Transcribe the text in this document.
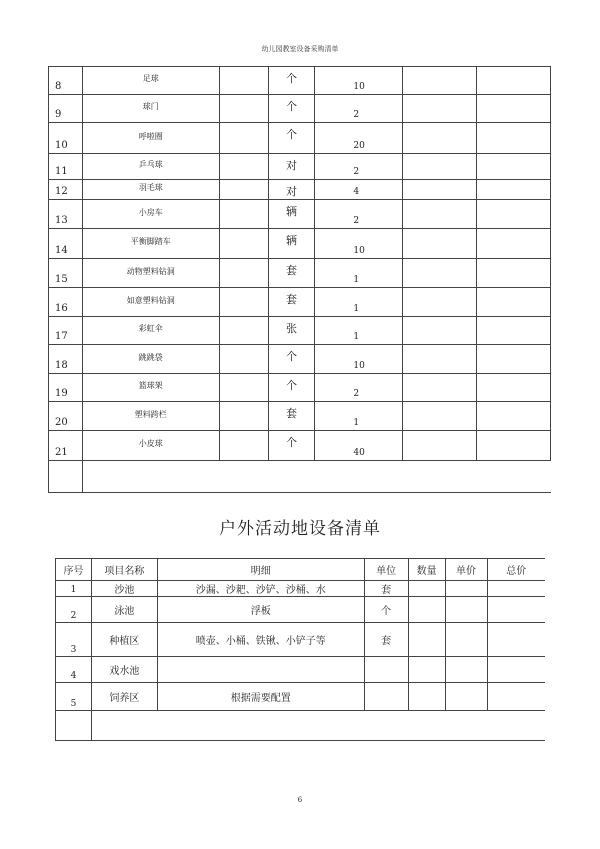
幼儿园教室设备采购清单
8	足球		个	10		
9	球门		个	2		
10	呼啦圈		个	20		
11	乒乓球		对	2		
12	羽毛球		对	4		
13	小房车		辆	2		
14	平衡脚踏车		辆	10		
15	动物塑料钻洞		套	1		
16	如意塑料钻洞		套	1		
17	彩虹伞		张	1		
18	跳跳袋		个	10		
19	篮球架		个	2		
20	塑料跨栏		套	1		
21	小皮球		个	40		

户外活动地设备清单
序号	项目名称	明细	单位	数量	单价	总价
1	沙池	沙漏、沙耙、沙铲、沙桶、水	套			
2	泳池	浮板	个			
3	种植区	喷壶、小桶、铁锹、小铲子等	套			
4	戏水池					
5	饲养区	根据需要配置				

6
